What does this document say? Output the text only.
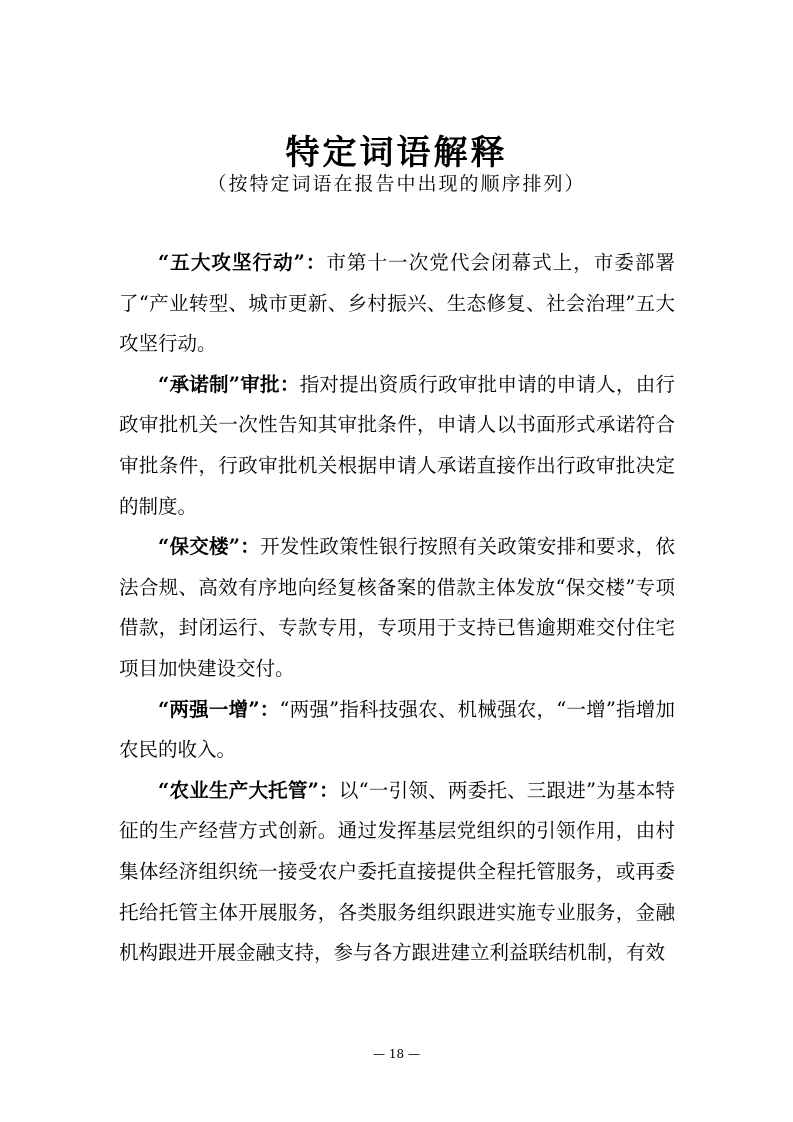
特定词语解释
（按特定词语在报告中出现的顺序排列）

“五大攻坚行动”：市第十一次党代会闭幕式上，市委部署了“产业转型、城市更新、乡村振兴、生态修复、社会治理”五大攻坚行动。

“承诺制”审批：指对提出资质行政审批申请的申请人，由行政审批机关一次性告知其审批条件，申请人以书面形式承诺符合审批条件，行政审批机关根据申请人承诺直接作出行政审批决定的制度。

“保交楼”：开发性政策性银行按照有关政策安排和要求，依法合规、高效有序地向经复核备案的借款主体发放“保交楼”专项借款，封闭运行、专款专用，专项用于支持已售逾期难交付住宅项目加快建设交付。

“两强一增”：“两强”指科技强农、机械强农，“一增”指增加农民的收入。

“农业生产大托管”：以“一引领、两委托、三跟进”为基本特征的生产经营方式创新。通过发挥基层党组织的引领作用，由村集体经济组织统一接受农户委托直接提供全程托管服务，或再委托给托管主体开展服务，各类服务组织跟进实施专业服务，金融机构跟进开展金融支持，参与各方跟进建立利益联结机制，有效

— 18 —
